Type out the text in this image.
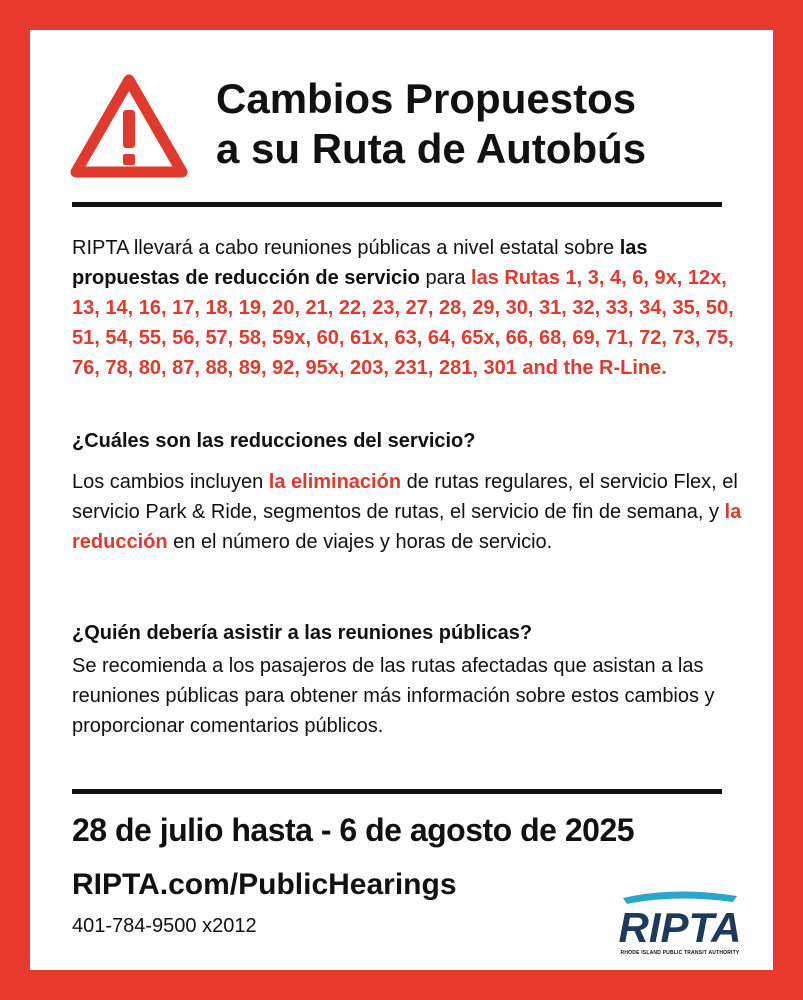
Cambios Propuestos
a su Ruta de Autobús
RIPTA llevará a cabo reuniones públicas a nivel estatal sobre las propuestas de reducción de servicio para las Rutas 1, 3, 4, 6, 9x, 12x, 13, 14, 16, 17, 18, 19, 20, 21, 22, 23, 27, 28, 29, 30, 31, 32, 33, 34, 35, 50, 51, 54, 55, 56, 57, 58, 59x, 60, 61x, 63, 64, 65x, 66, 68, 69, 71, 72, 73, 75, 76, 78, 80, 87, 88, 89, 92, 95x, 203, 231, 281, 301 and the R-Line.
¿Cuáles son las reducciones del servicio?
Los cambios incluyen la eliminación de rutas regulares, el servicio Flex, el servicio Park & Ride, segmentos de rutas, el servicio de fin de semana, y la reducción en el número de viajes y horas de servicio.
¿Quién debería asistir a las reuniones públicas?
Se recomienda a los pasajeros de las rutas afectadas que asistan a las reuniones públicas para obtener más información sobre estos cambios y proporcionar comentarios públicos.
28 de julio hasta - 6 de agosto de 2025
RIPTA.com/PublicHearings
401-784-9500 x2012	RIPTA
RHODE ISLAND PUBLIC TRANSIT AUTHORITY
